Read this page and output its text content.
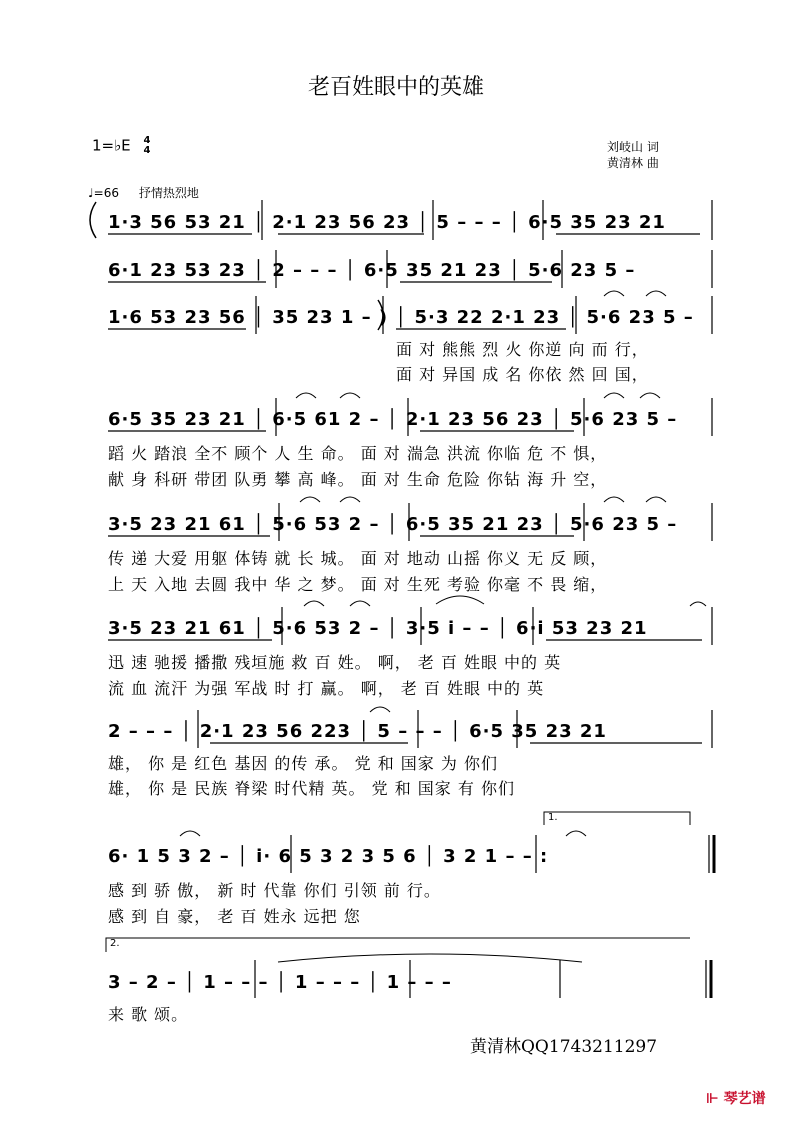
老百姓眼中的英雄
1=♭E 4
4	刘岐山 词
黄清林 曲
♩=66 抒情热烈地
1·3 56 53 21 │ 2·1 23 56 23 │ 5 – – – │ 6·5 35 23 21
6·1 23 53 23 │ 2 – – – │ 6·5 35 21 23 │ 5·6 23 5 –
1·6 53 23 56 │ 35 23 1 – ) │ 5·3 22 2·1 23 │ 5·6 23 5 –
面 对 熊熊 烈 火 你逆 向 而 行，
面 对 异国 成 名 你依 然 回 国，
6·5 35 23 21 │ 6·5 61 2 – │ 2·1 23 56 23 │ 5·6 23 5 –
蹈 火 踏浪 全不 顾个 人 生 命。 面 对 湍急 洪流 你临 危 不 惧，
献 身 科研 带团 队勇 攀 高 峰。 面 对 生命 危险 你钻 海 升 空，
3·5 23 21 61 │ 5·6 53 2 – │ 6·5 35 21 23 │ 5·6 23 5 –
传 递 大爱 用躯 体铸 就 长 城。 面 对 地动 山摇 你义 无 反 顾，
上 天 入地 去圆 我中 华 之 梦。 面 对 生死 考验 你毫 不 畏 缩，
3·5 23 21 61 │ 5·6 53 2 – │ 3·5 i – – │ 6·i 53 23 21
迅 速 驰援 播撒 残垣施 救 百 姓。 啊， 老 百 姓眼 中的 英
流 血 流汗 为强 军战 时 打 赢。 啊， 老 百 姓眼 中的 英
2 – – – │ 2·1 23 56 223 │ 5 – – – │ 6·5 35 23 21
雄， 你 是 红色 基因 的传 承。 党 和 国家 为 你们
雄， 你 是 民族 脊梁 时代精 英。 党 和 国家 有 你们
1.
6· 1 5 3 2 – │ i· 6 5 3 2 3 5 6 │ 3 2 1 – – :
感 到 骄 傲， 新 时 代靠 你们 引领 前 行。
感 到 自 豪， 老 百 姓永 远把 您
2.
3 – 2 – │ 1 – – – │ 1 – – – │ 1 – – –
来 歌 颂。
黄清林QQ1743211297
⊩ 琴艺谱
